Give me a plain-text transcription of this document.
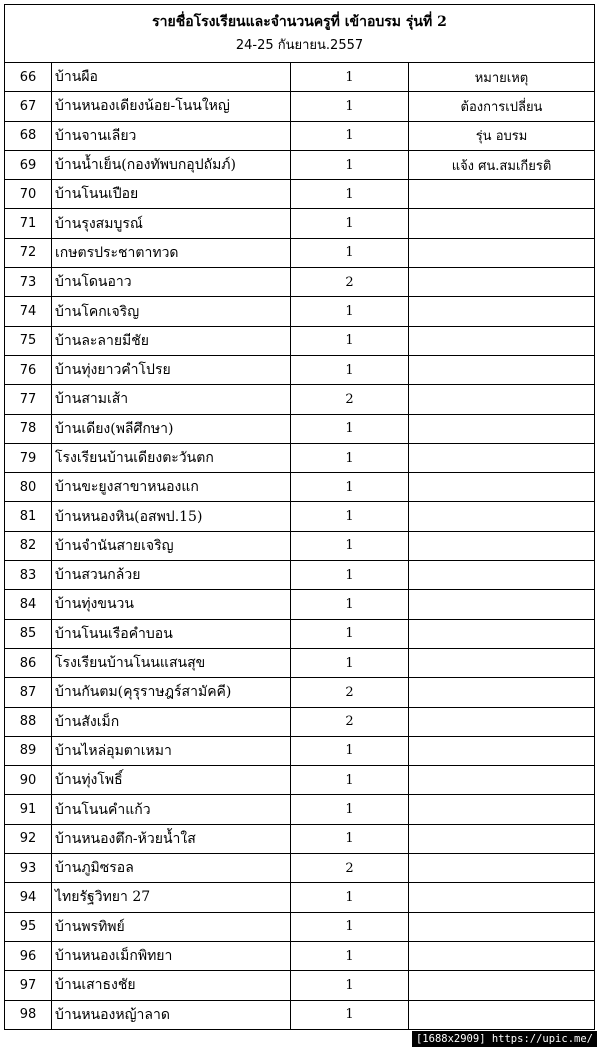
รายชื่อโรงเรียนและจำนวนครูที่ เข้าอบรม รุ่นที่ 2
24-25 กันยายน.2557
66	บ้านผือ	1	หมายเหตุ
67	บ้านหนองเดียงน้อย-โนนใหญ่	1	ต้องการเปลี่ยน
68	บ้านจานเลียว	1	รุ่น อบรม
69	บ้านน้ำเย็น(กองทัพบกอุปถัมภ์)	1	แจ้ง ศน.สมเกียรติ
70	บ้านโนนเปือย	1	
71	บ้านรุงสมบูรณ์	1	
72	เกษตรประชาตาทวด	1	
73	บ้านโดนอาว	2	
74	บ้านโคกเจริญ	1	
75	บ้านละลายมีชัย	1	
76	บ้านทุ่งยาวคำโปรย	1	
77	บ้านสามเส้า	2	
78	บ้านเดียง(พลีศึกษา)	1	
79	โรงเรียนบ้านเดียงตะวันตก	1	
80	บ้านขะยูงสาขาหนองแก	1	
81	บ้านหนองหิน(อสพป.15)	1	
82	บ้านจำนันสายเจริญ	1	
83	บ้านสวนกล้วย	1	
84	บ้านทุ่งขนวน	1	
85	บ้านโนนเรือคำบอน	1	
86	โรงเรียนบ้านโนนแสนสุข	1	
87	บ้านกันตม(คุรุราษฎร์สามัคคี)	2	
88	บ้านสังเม็ก	2	
89	บ้านไหล่อุมตาเหมา	1	
90	บ้านทุ่งโพธิ์	1	
91	บ้านโนนคำแก้ว	1	
92	บ้านหนองตึก-ห้วยน้ำใส	1	
93	บ้านภูมิซรอล	2	
94	ไทยรัฐวิทยา 27	1	
95	บ้านพรทิพย์	1	
96	บ้านหนองเม็กพิทยา	1	
97	บ้านเสาธงชัย	1	
98	บ้านหนองหญ้าลาด	1	
[1688x2909] https://upic.me/
